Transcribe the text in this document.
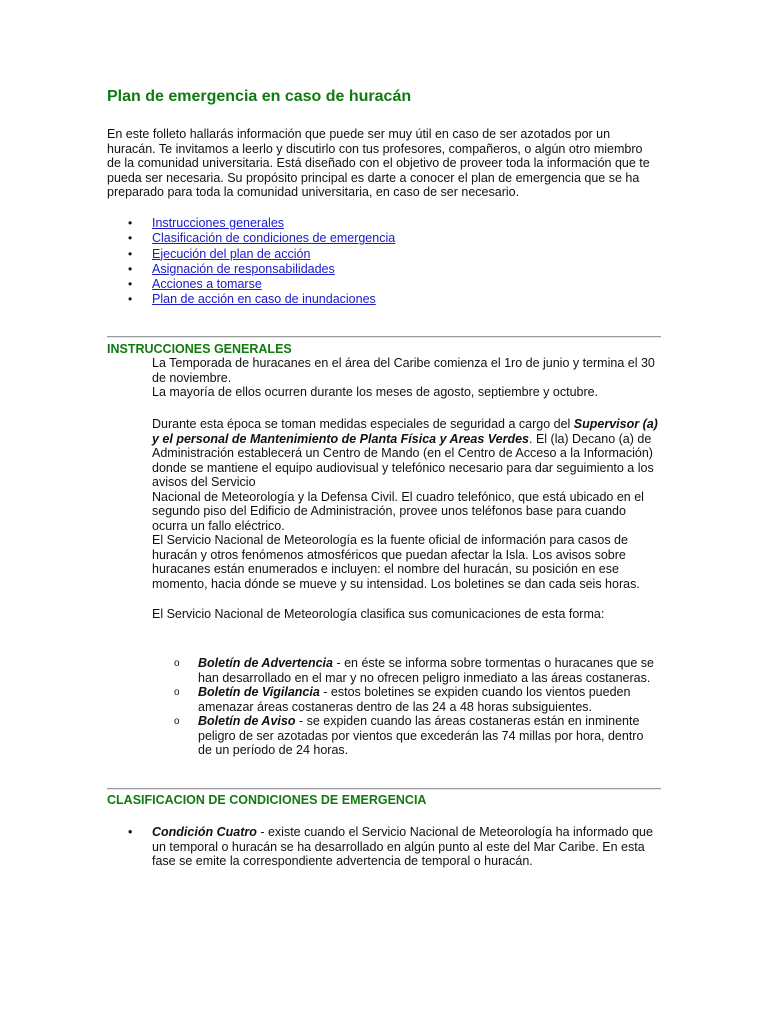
Plan de emergencia en caso de huracán
En este folleto hallarás información que puede ser muy útil en caso de ser azotados por un
huracán. Te invitamos a leerlo y discutirlo con tus profesores, compañeros, o algún otro miembro
de la comunidad universitaria. Está diseñado con el objetivo de proveer toda la información que te
pueda ser necesaria. Su propósito principal es darte a conocer el plan de emergencia que se ha
preparado para toda la comunidad universitaria, en caso de ser necesario.
• Instrucciones generales
• Clasificación de condiciones de emergencia
• Ejecución del plan de acción
• Asignación de responsabilidades
• Acciones a tomarse
• Plan de acción en caso de inundaciones
INSTRUCCIONES GENERALES
La Temporada de huracanes en el área del Caribe comienza el 1ro de junio y termina el 30
de noviembre.
La mayoría de ellos ocurren durante los meses de agosto, septiembre y octubre.
Durante esta época se toman medidas especiales de seguridad a cargo del Supervisor (a)
y el personal de Mantenimiento de Planta Física y Areas Verdes. El (la) Decano (a) de
Administración establecerá un Centro de Mando (en el Centro de Acceso a la Información)
donde se mantiene el equipo audiovisual y telefónico necesario para dar seguimiento a los
avisos del Servicio
Nacional de Meteorología y la Defensa Civil. El cuadro telefónico, que está ubicado en el
segundo piso del Edificio de Administración, provee unos teléfonos base para cuando
ocurra un fallo eléctrico.
El Servicio Nacional de Meteorología es la fuente oficial de información para casos de
huracán y otros fenómenos atmosféricos que puedan afectar la Isla. Los avisos sobre
huracanes están enumerados e incluyen: el nombre del huracán, su posición en ese
momento, hacia dónde se mueve y su intensidad. Los boletines se dan cada seis horas.
El Servicio Nacional de Meteorología clasifica sus comunicaciones de esta forma:
o Boletín de Advertencia - en éste se informa sobre tormentas o huracanes que se
han desarrollado en el mar y no ofrecen peligro inmediato a las áreas costaneras.
o Boletín de Vigilancia - estos boletines se expiden cuando los vientos pueden
amenazar áreas costaneras dentro de las 24 a 48 horas subsiguientes.
o Boletín de Aviso - se expiden cuando las áreas costaneras están en inminente
peligro de ser azotadas por vientos que excederán las 74 millas por hora, dentro
de un período de 24 horas.
CLASIFICACION DE CONDICIONES DE EMERGENCIA
• Condición Cuatro - existe cuando el Servicio Nacional de Meteorología ha informado que
un temporal o huracán se ha desarrollado en algún punto al este del Mar Caribe. En esta
fase se emite la correspondiente advertencia de temporal o huracán.
